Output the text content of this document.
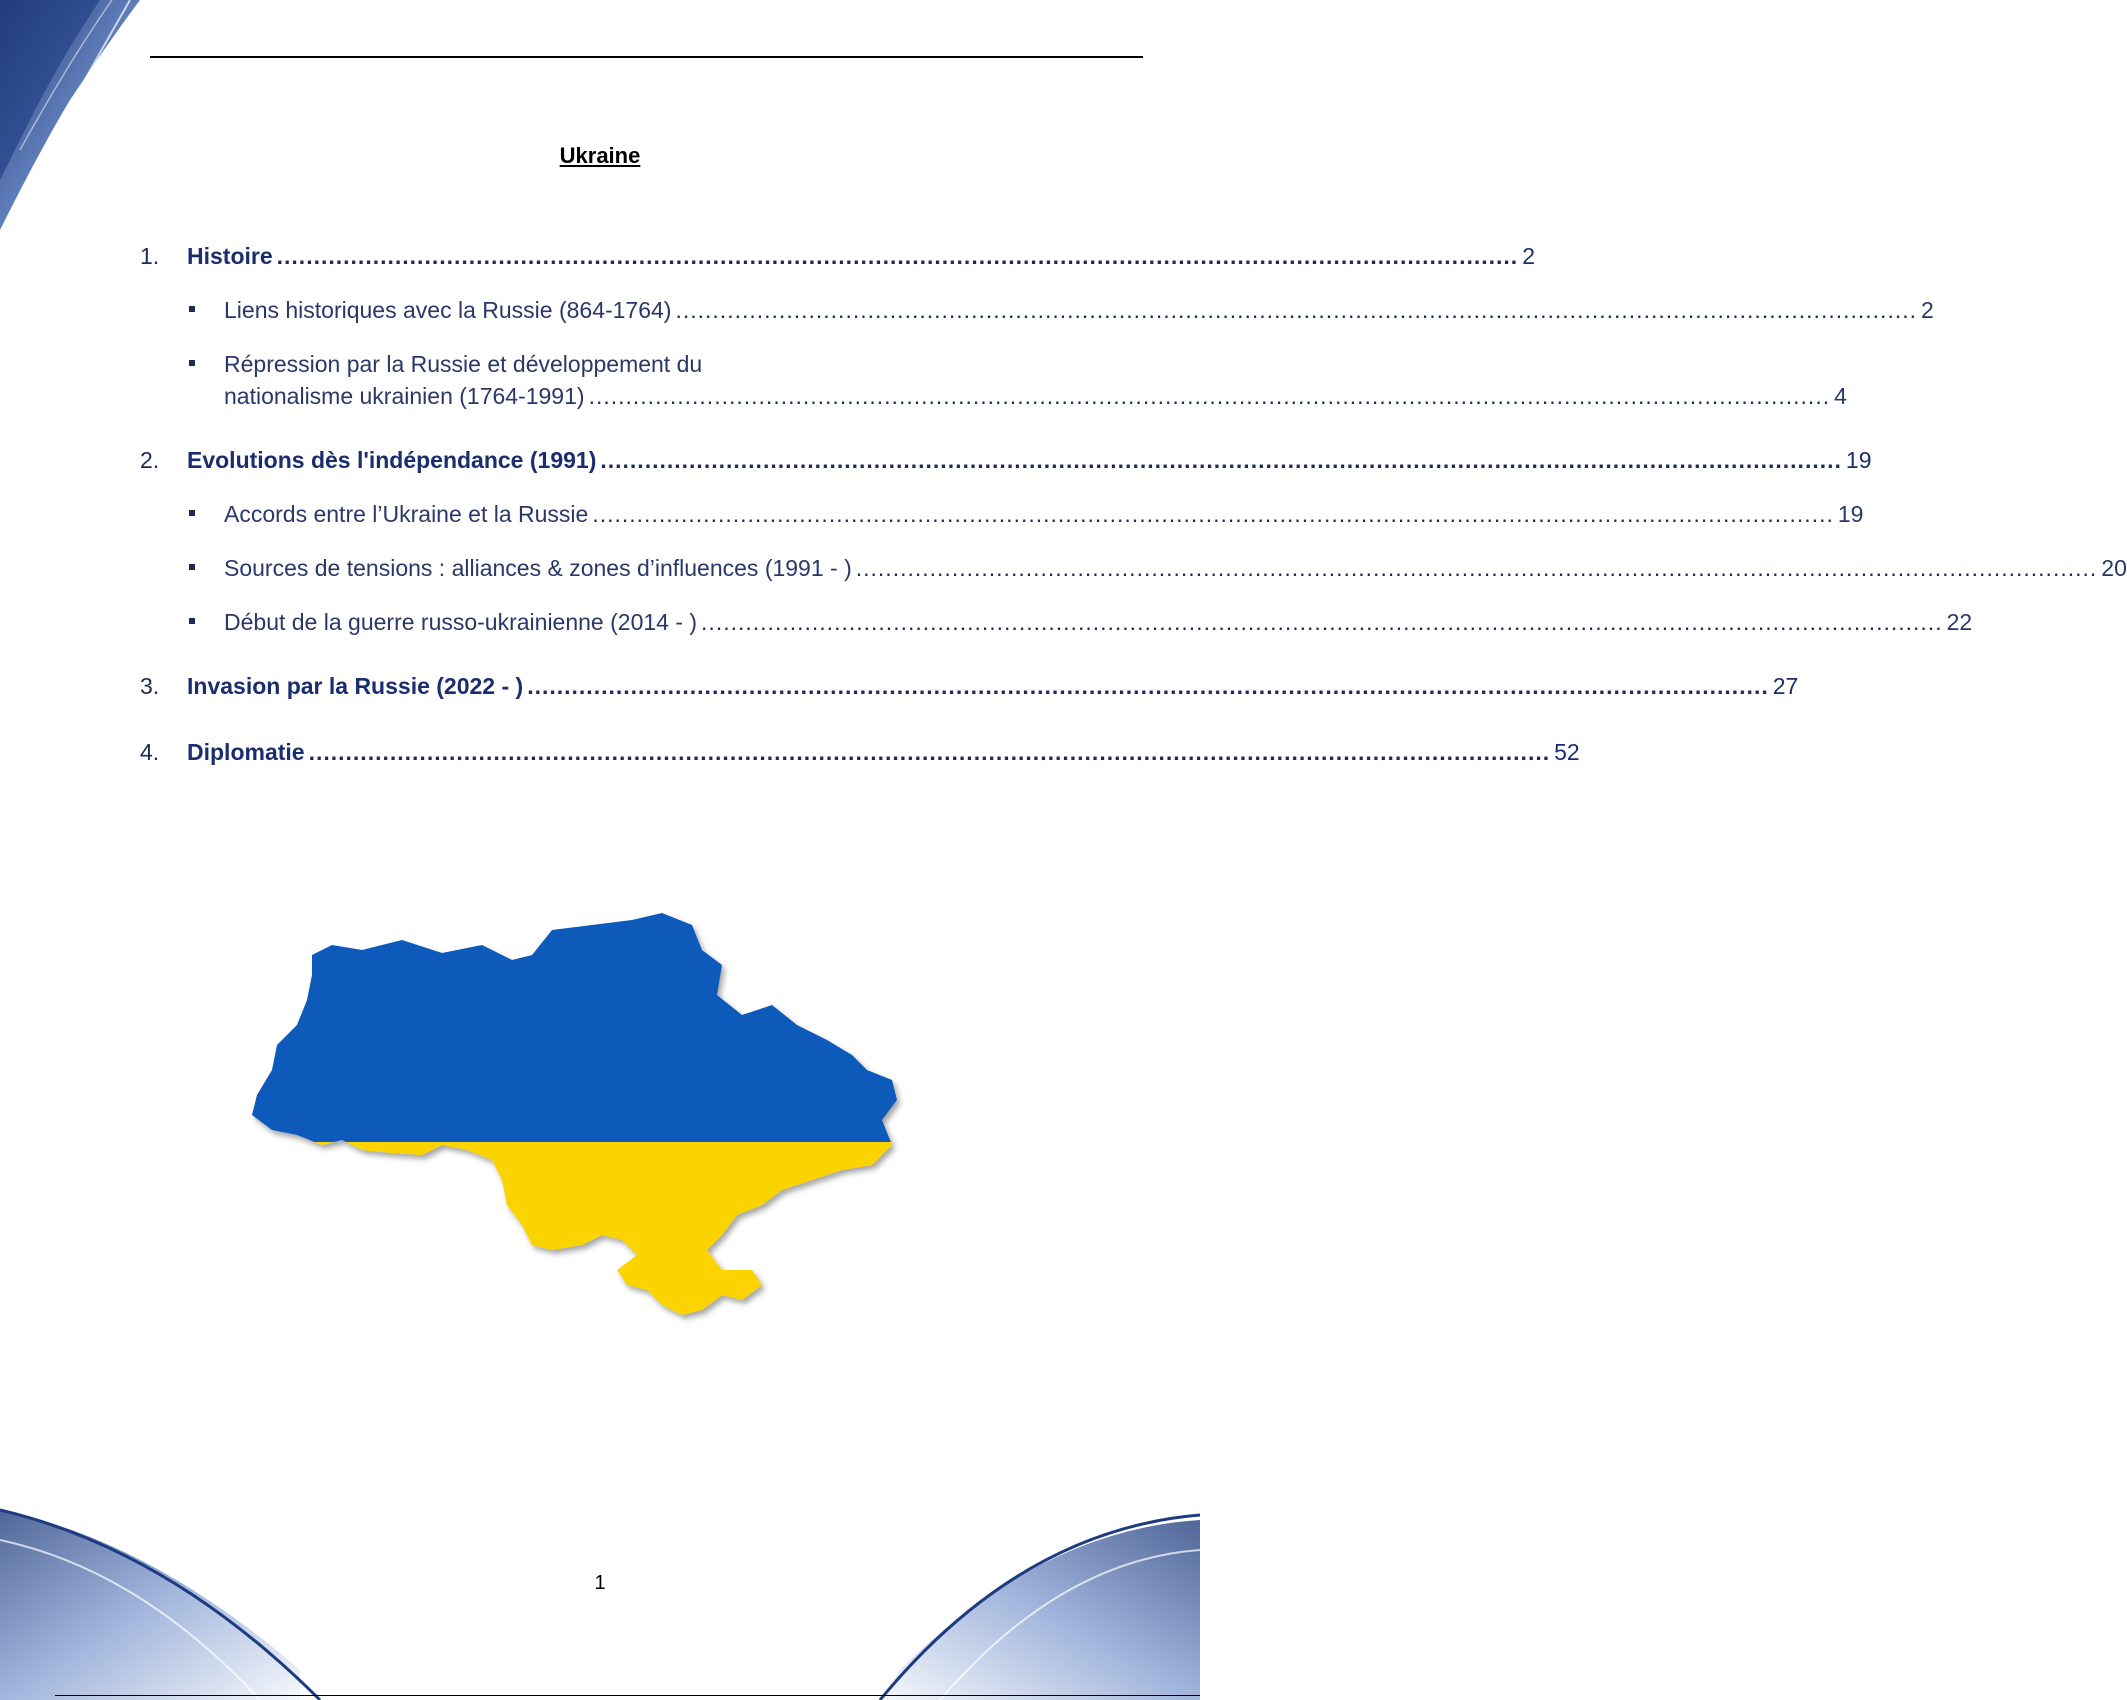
Ukraine
1. Histoire ........................................................................................................................................................................ 2
Liens historiques avec la Russie (864-1764) ........................................................................................................................................................................ 2
Répression par la Russie et développement du
nationalisme ukrainien (1764-1991) ........................................................................................................................................................................ 4
2. Evolutions dès l'indépendance (1991) ........................................................................................................................................................................ 19
Accords entre l’Ukraine et la Russie ........................................................................................................................................................................ 19
Sources de tensions : alliances & zones d’influences (1991 - ) ........................................................................................................................................................................ 20
Début de la guerre russo-ukrainienne (2014 - ) ........................................................................................................................................................................ 22
3. Invasion par la Russie (2022 - ) ........................................................................................................................................................................ 27
4. Diplomatie ........................................................................................................................................................................ 52
1
